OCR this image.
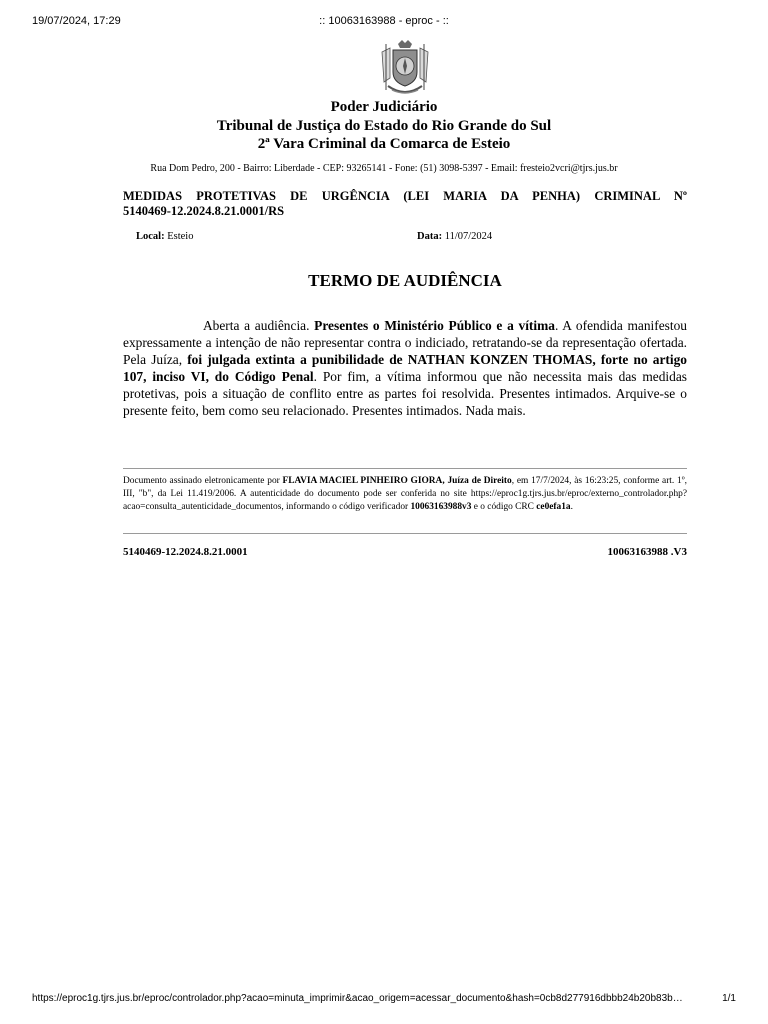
19/07/2024, 17:29	:: 10063163988 - eproc - ::
Poder Judiciário
Tribunal de Justiça do Estado do Rio Grande do Sul
2ª Vara Criminal da Comarca de Esteio
Rua Dom Pedro, 200 - Bairro: Liberdade - CEP: 93265141 - Fone: (51) 3098-5397 - Email: fresteio2vcri@tjrs.jus.br
MEDIDAS PROTETIVAS DE URGÊNCIA (LEI MARIA DA PENHA) CRIMINAL Nº
5140469-12.2024.8.21.0001/RS
Local: Esteio	Data: 11/07/2024
TERMO DE AUDIÊNCIA
Aberta a audiência. Presentes o Ministério Público e a vítima. A ofendida manifestou expressamente a intenção de não representar contra o indiciado, retratando-se da representação ofertada. Pela Juíza, foi julgada extinta a punibilidade de NATHAN KONZEN THOMAS, forte no artigo 107, inciso VI, do Código Penal. Por fim, a vítima informou que não necessita mais das medidas protetivas, pois a situação de conflito entre as partes foi resolvida. Presentes intimados. Arquive-se o presente feito, bem como seu relacionado. Presentes intimados. Nada mais.
Documento assinado eletronicamente por FLAVIA MACIEL PINHEIRO GIORA, Juíza de Direito, em 17/7/2024, às 16:23:25, conforme art. 1º, III, "b", da Lei 11.419/2006. A autenticidade do documento pode ser conferida no site https://eproc1g.tjrs.jus.br/eproc/externo_controlador.php?acao=consulta_autenticidade_documentos, informando o código verificador 10063163988v3 e o código CRC ce0efa1a.
5140469-12.2024.8.21.0001	10063163988 .V3
https://eproc1g.tjrs.jus.br/eproc/controlador.php?acao=minuta_imprimir&acao_origem=acessar_documento&hash=0cb8d277916dbbb24b20b83b…	1/1
